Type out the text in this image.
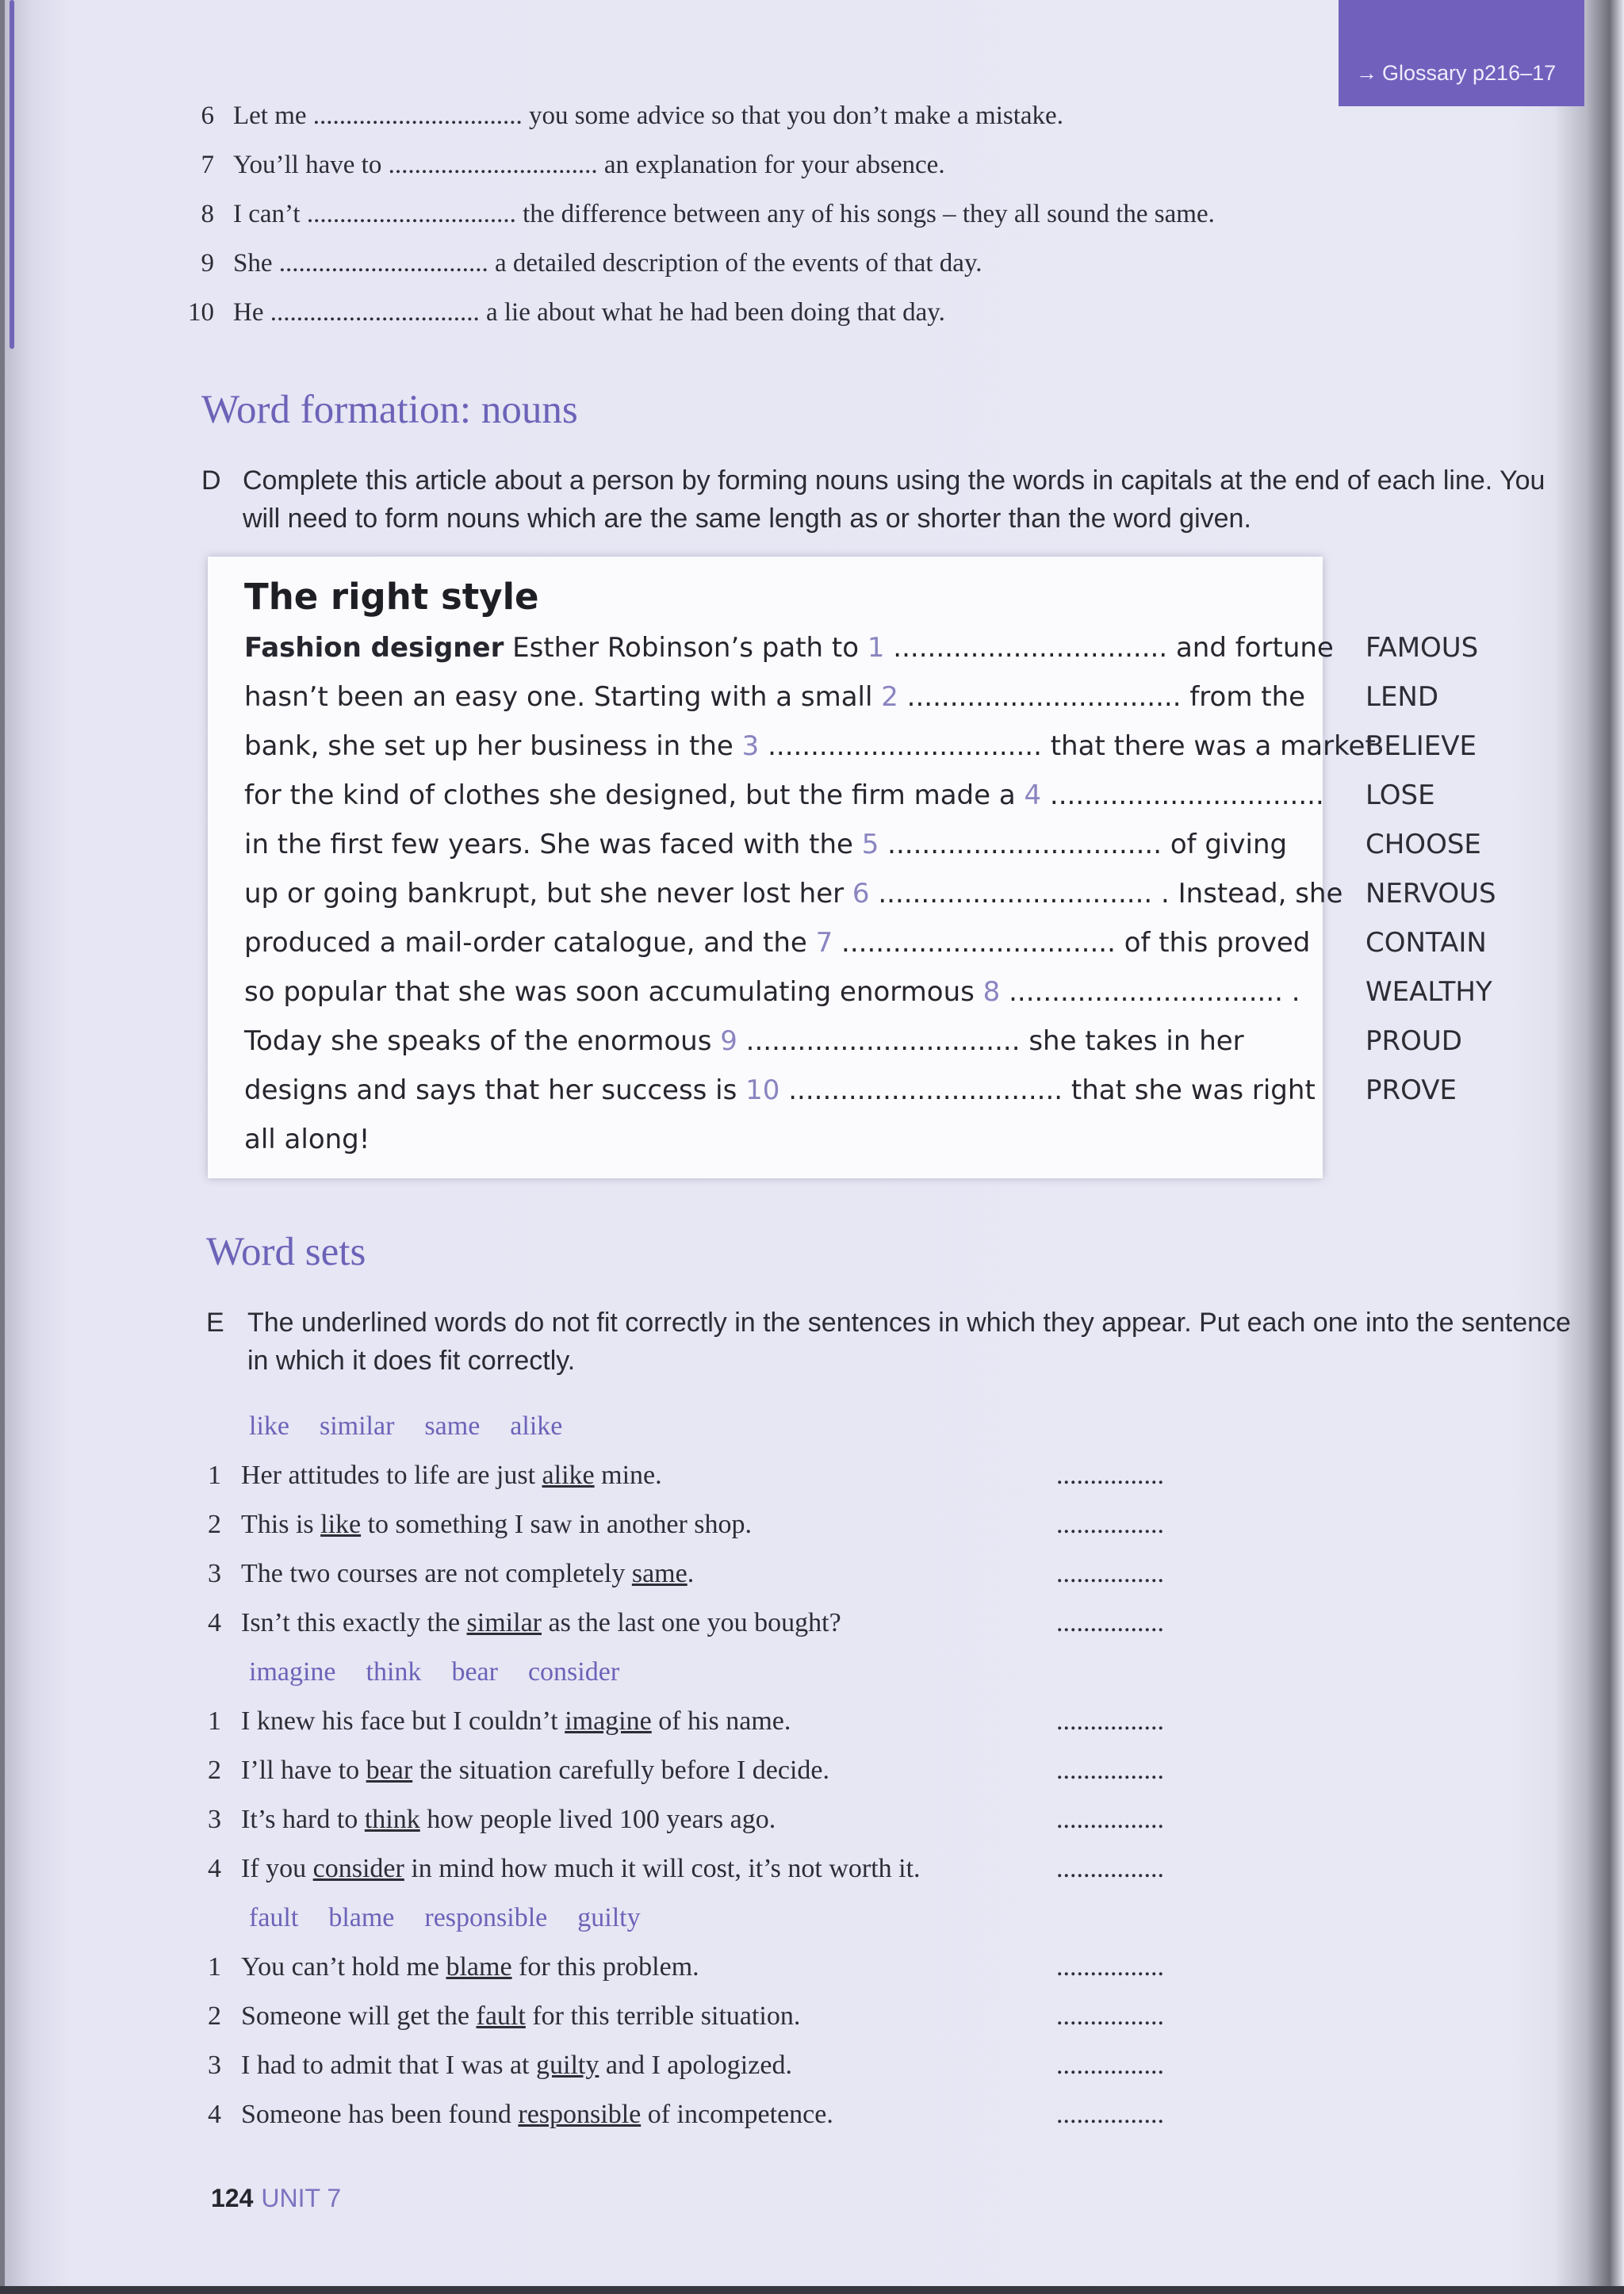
→ Glossary p216–17
6 Let me ................................ you some advice so that you don’t make a mistake.
7 You’ll have to ................................ an explanation for your absence.
8 I can’t ................................ the difference between any of his songs – they all sound the same.
9 She ................................ a detailed description of the events of that day.
10 He ................................ a lie about what he had been doing that day.
Word formation: nouns
D Complete this article about a person by forming nouns using the words in capitals at the end of each line. You will need to form nouns which are the same length as or shorter than the word given.
The right style
Fashion designer Esther Robinson’s path to 1 ................................ and fortune
hasn’t been an easy one. Starting with a small 2 ................................ from the
bank, she set up her business in the 3 ................................ that there was a market
for the kind of clothes she designed, but the firm made a 4 ................................
in the first few years. She was faced with the 5 ................................ of giving
up or going bankrupt, but she never lost her 6 ................................ . Instead, she
produced a mail-order catalogue, and the 7 ................................ of this proved
so popular that she was soon accumulating enormous 8 ................................ .
Today she speaks of the enormous 9 ................................ she takes in her
designs and says that her success is 10 ................................ that she was right
all along!
FAMOUS
LEND
BELIEVE
LOSE
CHOOSE
NERVOUS
CONTAIN
WEALTHY
PROUD
PROVE
Word sets
E The underlined words do not fit correctly in the sentences in which they appear. Put each one into the sentence in which it does fit correctly.
like similar same alike
1 Her attitudes to life are just alike mine.	................
2 This is like to something I saw in another shop.	................
3 The two courses are not completely same.	................
4 Isn’t this exactly the similar as the last one you bought?	................
imagine think bear consider
1 I knew his face but I couldn’t imagine of his name.	................
2 I’ll have to bear the situation carefully before I decide.	................
3 It’s hard to think how people lived 100 years ago.	................
4 If you consider in mind how much it will cost, it’s not worth it.	................
fault blame responsible guilty
1 You can’t hold me blame for this problem.	................
2 Someone will get the fault for this terrible situation.	................
3 I had to admit that I was at guilty and I apologized.	................
4 Someone has been found responsible of incompetence.	................
124 UNIT 7
